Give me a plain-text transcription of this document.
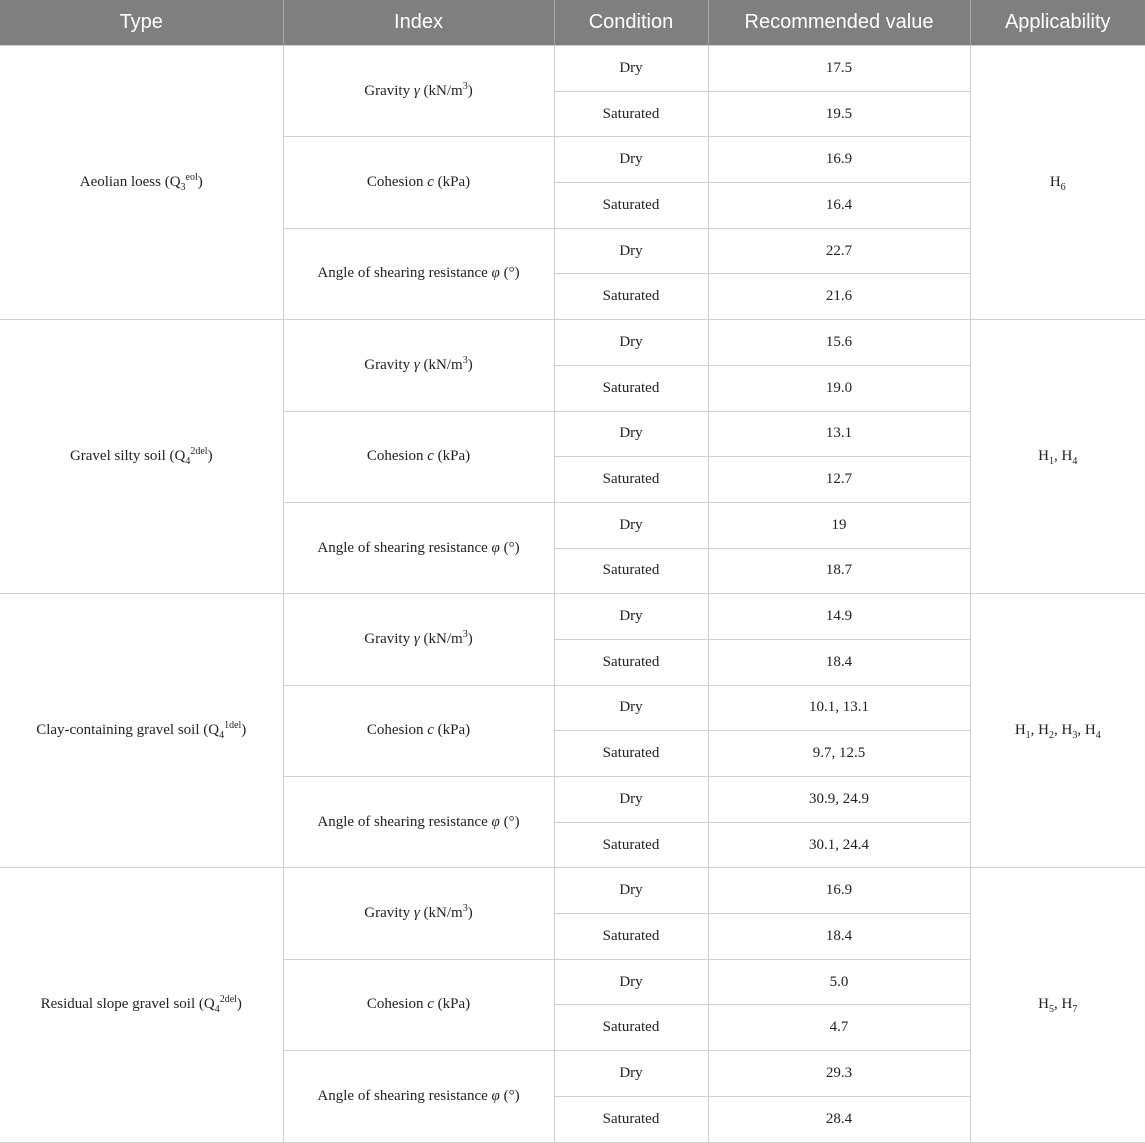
Type	Index	Condition	Recommended value	Applicability
Aeolian loess $(Q_3^{eol})$	Gravity γ $(kN/m^3)$	Dry	17.5	$H_6$
		Saturated	19.5	
	Cohesion c (kPa)	Dry	16.9	
		Saturated	16.4	
	Angle of shearing resistance φ (°)	Dry	22.7	
		Saturated	21.6	
Gravel silty soil $(Q_4^{2del})$	Gravity γ $(kN/m^3)$	Dry	15.6	$H_1$, $H_4$
		Saturated	19.0	
	Cohesion c (kPa)	Dry	13.1	
		Saturated	12.7	
	Angle of shearing resistance φ (°)	Dry	19	
		Saturated	18.7	
Clay-containing gravel soil $(Q_4^{1del})$	Gravity γ $(kN/m^3)$	Dry	14.9	$H_1$, $H_2$, $H_3$, $H_4$
		Saturated	18.4	
	Cohesion c (kPa)	Dry	10.1, 13.1	
		Saturated	9.7, 12.5	
	Angle of shearing resistance φ (°)	Dry	30.9, 24.9	
		Saturated	30.1, 24.4	
Residual slope gravel soil $(Q_4^{2del})$	Gravity γ $(kN/m^3)$	Dry	16.9	$H_5$, $H_7$
		Saturated	18.4	
	Cohesion c (kPa)	Dry	5.0	
		Saturated	4.7	
	Angle of shearing resistance φ (°)	Dry	29.3	
		Saturated	28.4	
